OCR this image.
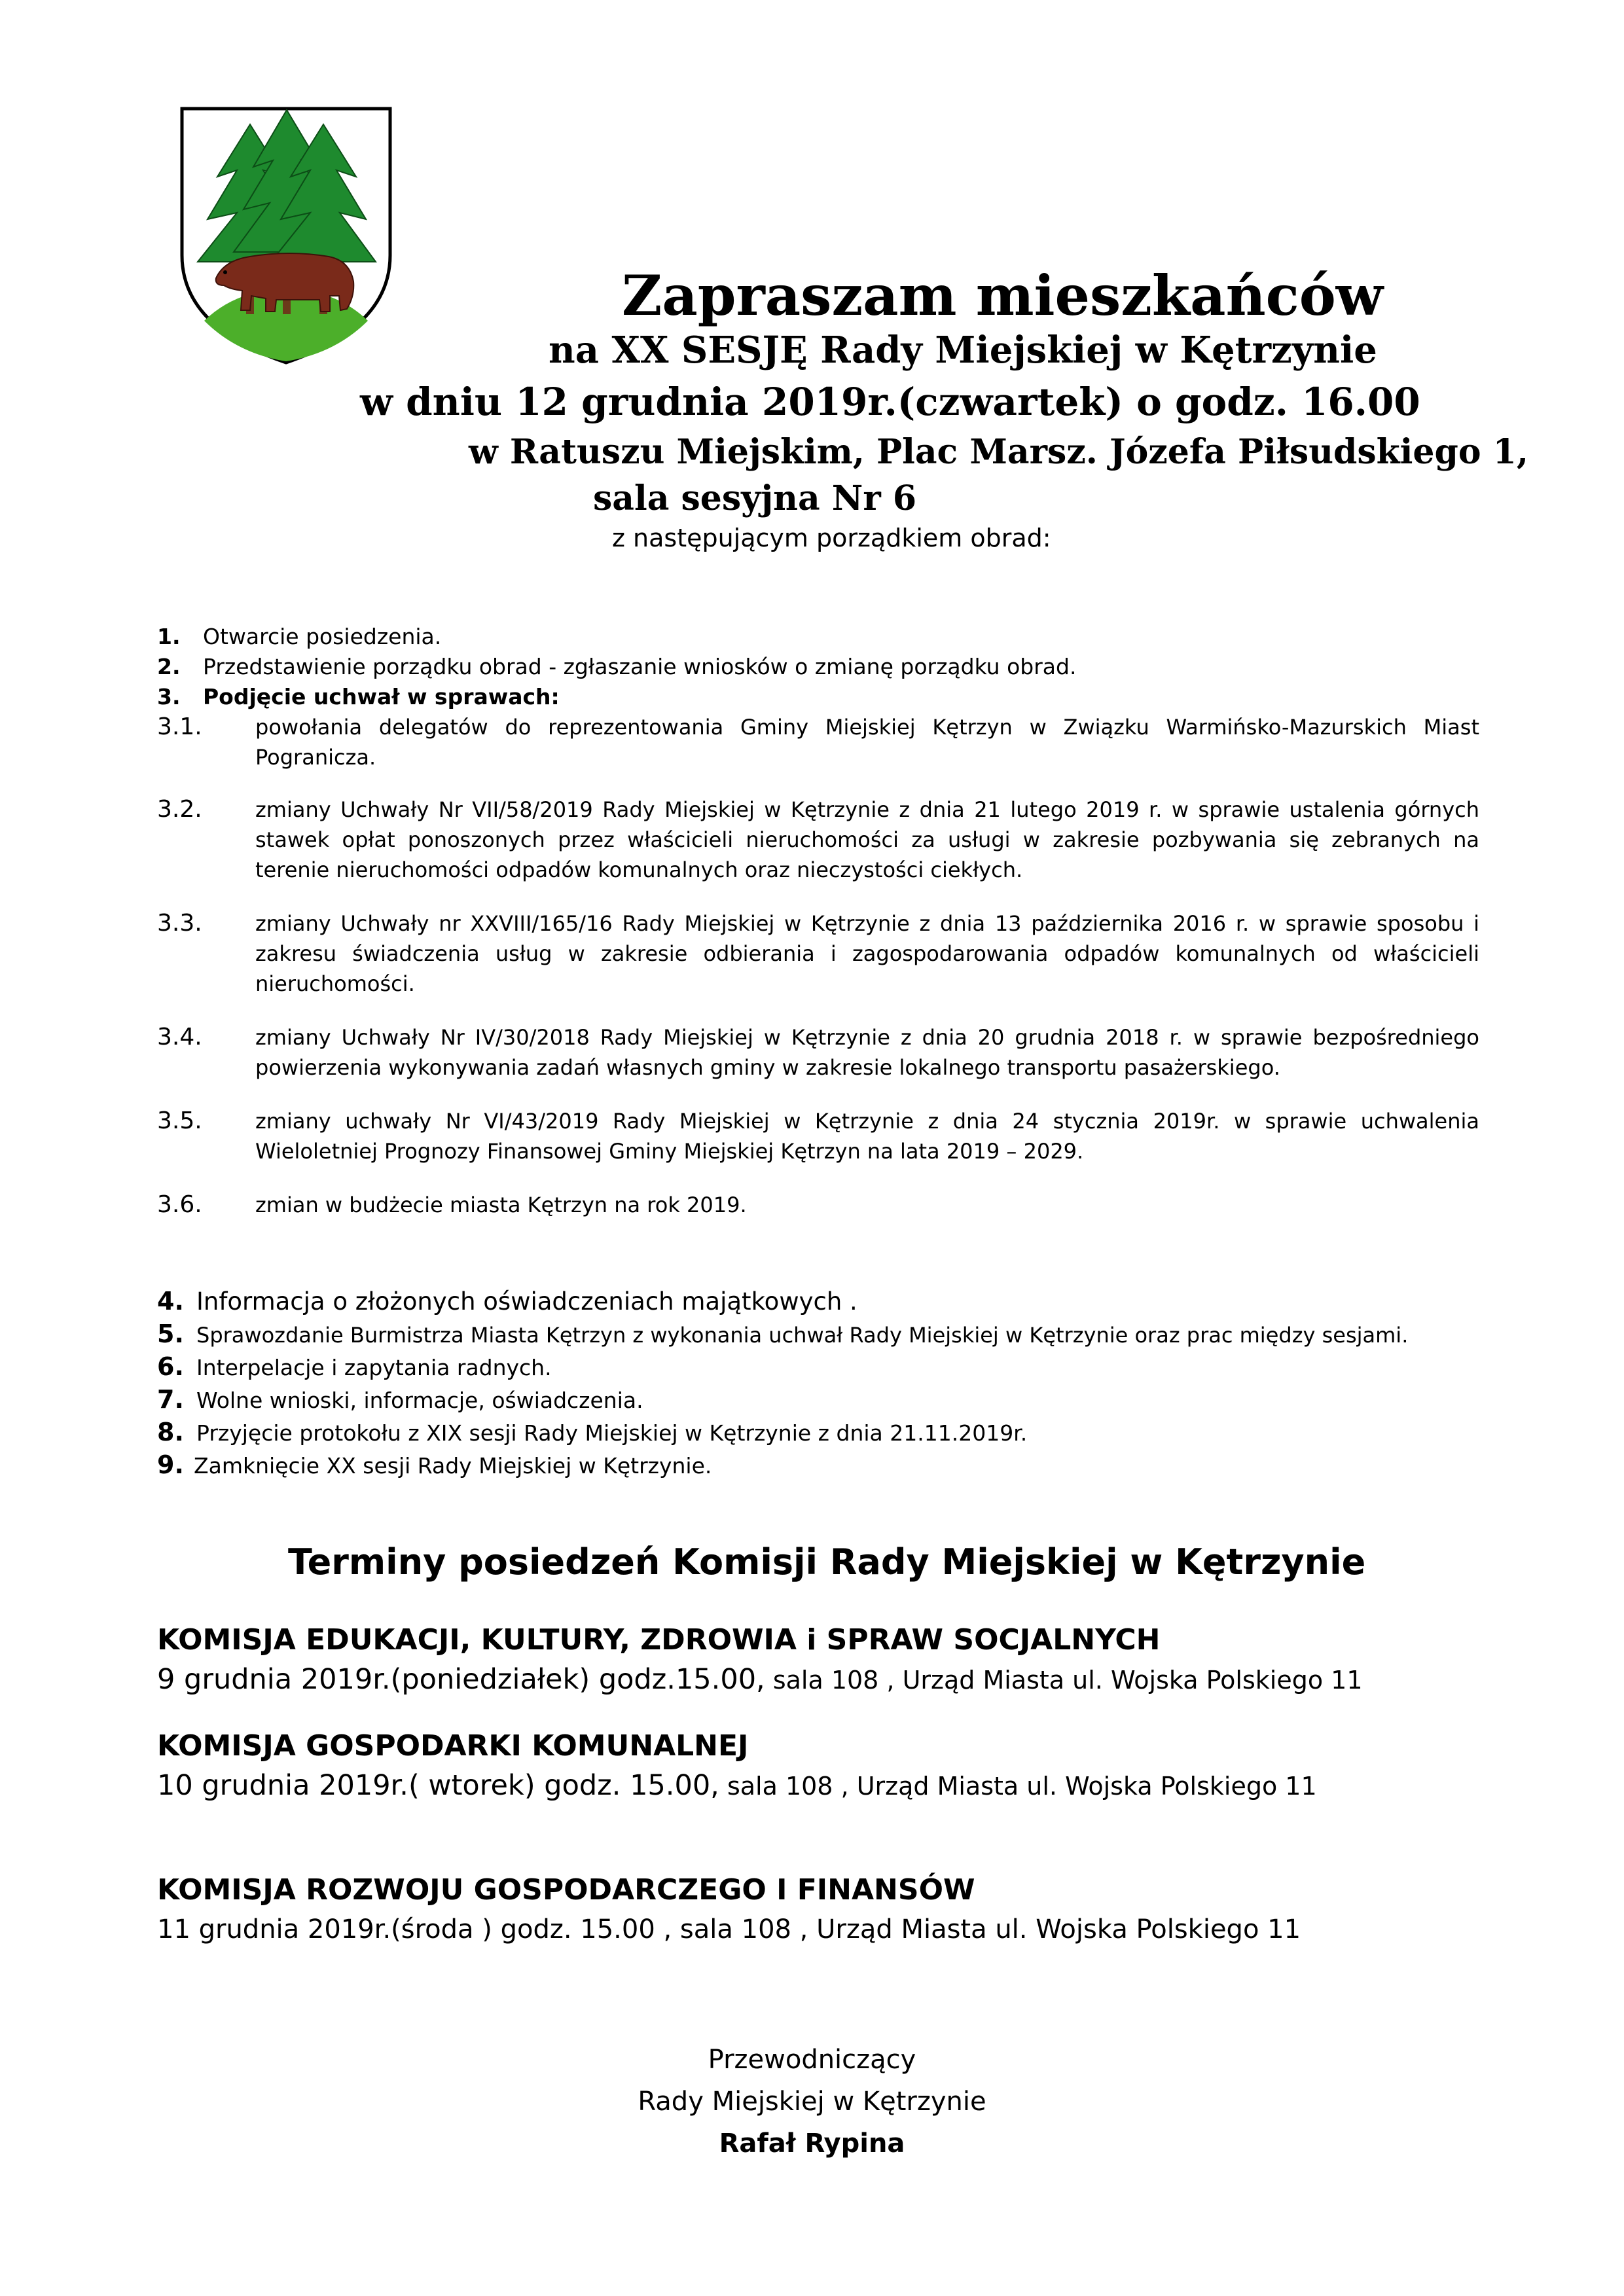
Zapraszam mieszkańców
na XX SESJĘ Rady Miejskiej w Kętrzynie
w dniu 12 grudnia 2019r.(czwartek) o godz. 16.00
w Ratuszu Miejskim, Plac Marsz. Józefa Piłsudskiego 1,
sala sesyjna Nr 6
z następującym porządkiem obrad:
1.	Otwarcie posiedzenia.
2.	Przedstawienie porządku obrad - zgłaszanie wniosków o zmianę porządku obrad.
3.	Podjęcie uchwał w sprawach:
3.1.	powołania delegatów do reprezentowania Gminy Miejskiej Kętrzyn w Związku Warmińsko-Mazurskich Miast Pogranicza.
3.2.	zmiany Uchwały Nr VII/58/2019 Rady Miejskiej w Kętrzynie z dnia 21 lutego 2019 r. w sprawie ustalenia górnych stawek opłat ponoszonych przez właścicieli nieruchomości za usługi w zakresie pozbywania się zebranych na terenie nieruchomości odpadów komunalnych oraz nieczystości ciekłych.
3.3.	zmiany Uchwały nr XXVIII/165/16 Rady Miejskiej w Kętrzynie z dnia 13 października 2016 r. w sprawie sposobu i zakresu świadczenia usług w zakresie odbierania i zagospodarowania odpadów komunalnych od właścicieli nieruchomości.
3.4.	zmiany Uchwały Nr IV/30/2018 Rady Miejskiej w Kętrzynie z dnia 20 grudnia 2018 r. w sprawie bezpośredniego powierzenia wykonywania zadań własnych gminy w zakresie lokalnego transportu pasażerskiego.
3.5.	zmiany uchwały Nr VI/43/2019 Rady Miejskiej w Kętrzynie z dnia 24 stycznia 2019r. w sprawie uchwalenia Wieloletniej Prognozy Finansowej Gminy Miejskiej Kętrzyn na lata 2019 – 2029.
3.6.	zmian w budżecie miasta Kętrzyn na rok 2019.
4. Informacja o złożonych oświadczeniach majątkowych .
5. Sprawozdanie Burmistrza Miasta Kętrzyn z wykonania uchwał Rady Miejskiej w Kętrzynie oraz prac między sesjami.
6. Interpelacje i zapytania radnych.
7. Wolne wnioski, informacje, oświadczenia.
8. Przyjęcie protokołu z XIX sesji Rady Miejskiej w Kętrzynie z dnia 21.11.2019r.
9. Zamknięcie XX sesji Rady Miejskiej w Kętrzynie.
Terminy posiedzeń Komisji Rady Miejskiej w Kętrzynie
KOMISJA EDUKACJI, KULTURY, ZDROWIA i SPRAW SOCJALNYCH
9 grudnia 2019r.(poniedziałek) godz.15.00, sala 108 , Urząd Miasta ul. Wojska Polskiego 11
KOMISJA GOSPODARKI KOMUNALNEJ
10 grudnia 2019r.( wtorek) godz. 15.00, sala 108 , Urząd Miasta ul. Wojska Polskiego 11
KOMISJA ROZWOJU GOSPODARCZEGO I FINANSÓW
11 grudnia 2019r.(środa ) godz. 15.00 , sala 108 , Urząd Miasta ul. Wojska Polskiego 11
Przewodniczący
Rady Miejskiej w Kętrzynie
Rafał Rypina
